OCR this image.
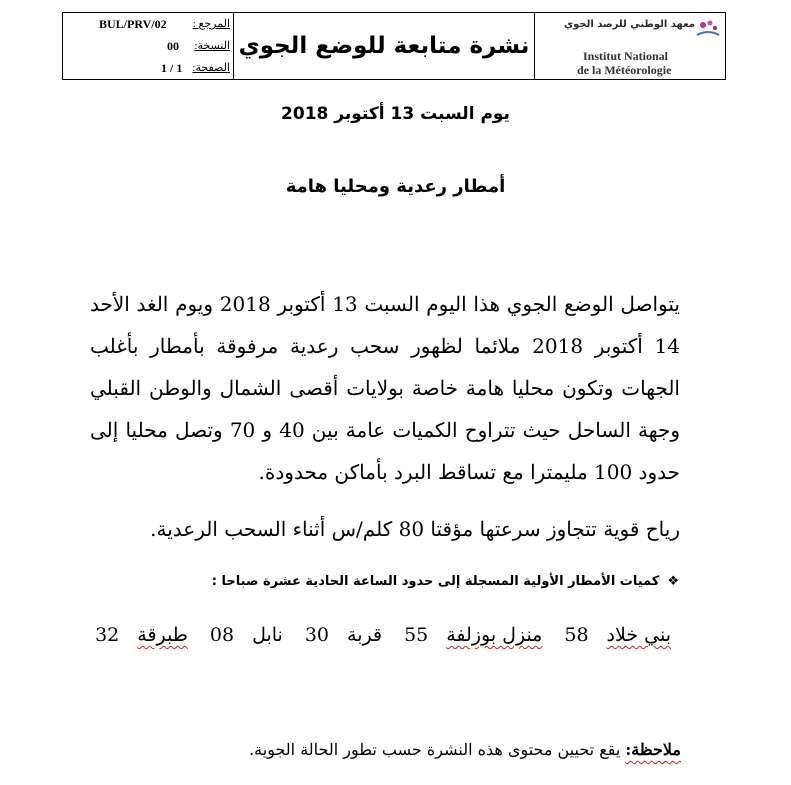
BUL/PRV/02 المرجع :
00 النسخة:
1 / 1 الصفحة:
نشرة متابعة للوضع الجوي
معهد الوطني للرصد الجوي
Institut National
de la Météorologie
يوم السبت 13 أكتوبر 2018
أمطار رعدية ومحليا هامة
يتواصل الوضع الجوي هذا اليوم السبت 13 أكتوبر 2018 ويوم الغد الأحد 14 أكتوبر 2018 ملائما لظهور سحب رعدية مرفوقة بأمطار بأغلب الجهات وتكون محليا هامة خاصة بولايات أقصى الشمال والوطن القبلي وجهة الساحل حيث تتراوح الكميات عامة بين 40 و 70 وتصل محليا إلى حدود 100 مليمترا مع تساقط البرد بأماكن محدودة.
رياح قوية تتجاوز سرعتها مؤقتا 80 كلم/س أثناء السحب الرعدية.
❖كميات الأمطار الأولية المسجلة إلى حدود الساعة الحادية عشرة صباحا :
بني خلاد
58
منزل بوزلفة
55
قربة
30
نابل
08
طبرقة
32
ملاحظة: يقع تحيين محتوى هذه النشرة حسب تطور الحالة الجوية.
